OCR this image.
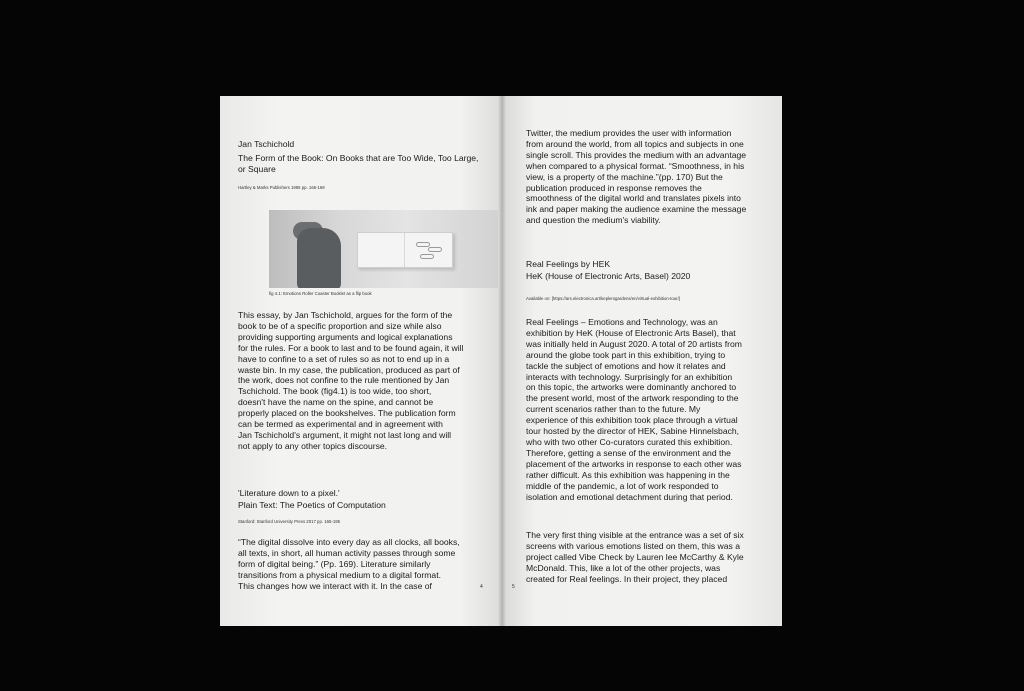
Jan Tschichold
The Form of the Book: On Books that are Too Wide, Too Large,
or Square
Hartley & Marks Publishers 1995 pp. 165-169
fig 4.1: Emotions Roller Coaster Booklet as a flip book
This essay, by Jan Tschichold, argues for the form of the
book to be of a specific proportion and size while also
providing supporting arguments and logical explanations
for the rules. For a book to last and to be found again, it will
have to confine to a set of rules so as not to end up in a
waste bin. In my case, the publication, produced as part of
the work, does not confine to the rule mentioned by Jan
Tschichold. The book (fig4.1) is too wide, too short,
doesn't have the name on the spine, and cannot be
properly placed on the bookshelves. The publication form
can be termed as experimental and in agreement with
Jan Tschichold's argument, it might not last long and will
not apply to any other topics discourse.
'Literature down to a pixel.'
Plain Text: The Poetics of Computation
Stanford: Stanford University Press 2017 pp. 165-195
“The digital dissolve into every day as all clocks, all books,
all texts, in short, all human activity passes through some
form of digital being.” (Pp. 169). Literature similarly
transitions from a physical medium to a digital format.
This changes how we interact with it. In the case of	4
Twitter, the medium provides the user with information
from around the world, from all topics and subjects in one
single scroll. This provides the medium with an advantage
when compared to a physical format. “Smoothness, in his
view, is a property of the machine.”(pp. 170) But the
publication produced in response removes the
smoothness of the digital world and translates pixels into
ink and paper making the audience examine the message
and question the medium's viability.
Real Feelings by HEK
HeK (House of Electronic Arts, Basel) 2020
Available on: [https://ars.electronica.art/keplersgardens/en/virtual-exhibition-tour/]
Real Feelings – Emotions and Technology, was an
exhibition by HeK (House of Electronic Arts Basel), that
was initially held in August 2020. A total of 20 artists from
around the globe took part in this exhibition, trying to
tackle the subject of emotions and how it relates and
interacts with technology. Surprisingly for an exhibition
on this topic, the artworks were dominantly anchored to
the present world, most of the artwork responding to the
current scenarios rather than to the future. My
experience of this exhibition took place through a virtual
tour hosted by the director of HEK, Sabine Hinnelsbach,
who with two other Co-curators curated this exhibition.
Therefore, getting a sense of the environment and the
placement of the artworks in response to each other was
rather difficult. As this exhibition was happening in the
middle of the pandemic, a lot of work responded to
isolation and emotional detachment during that period.
The very first thing visible at the entrance was a set of six
screens with various emotions listed on them, this was a
project called Vibe Check by Lauren lee McCarthy & Kyle
McDonald. This, like a lot of the other projects, was
created for Real feelings. In their project, they placed
5
